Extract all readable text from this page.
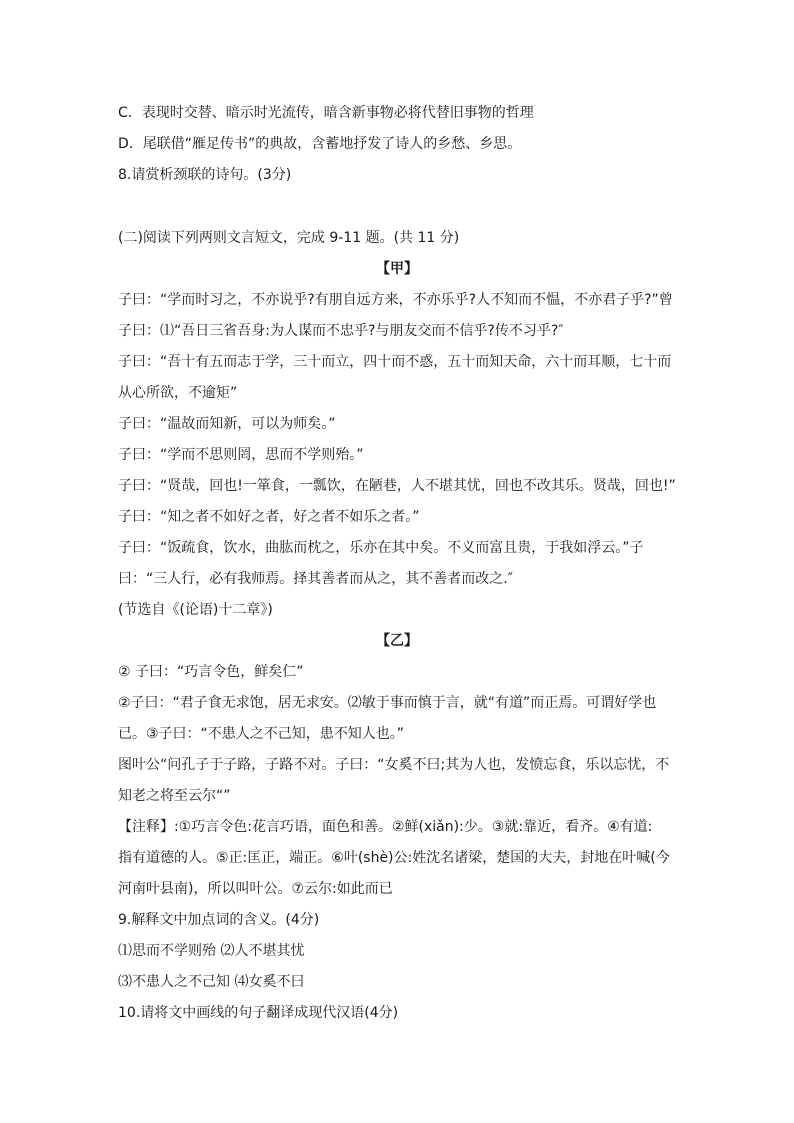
C．表现时交替、暗示时光流传，暗含新事物必将代替旧事物的哲理
D．尾联借“雁足传书”的典故，含蓄地抒发了诗人的乡愁、乡思。
8.请赏析颈联的诗句。(3分)
(二)阅读下列两则文言短文，完成 9-11 题。(共 11 分)
【甲】
子曰：“学而时习之，不亦说乎?有朋自远方来，不亦乐乎?人不知而不愠，不亦君子乎?”曾
子曰：⑴“吾日三省吾身:为人谋而不忠乎?与朋友交而不信乎?传不习乎?″
子曰：“吾十有五而志于学，三十而立，四十而不惑，五十而知天命，六十而耳顺，七十而
从心所欲，不逾矩”
子曰：“温故而知新，可以为师矣。”
子曰：“学而不思则罔，思而不学则殆。”
子曰：“贤哉，回也!一箪食，一瓢饮，在陋巷，人不堪其忧，回也不改其乐。贤哉，回也!”
子曰：“知之者不如好之者，好之者不如乐之者。”
子曰：“饭疏食，饮水，曲肱而枕之，乐亦在其中矣。不义而富且贵，于我如浮云。”子
曰：“三人行，必有我师焉。择其善者而从之，其不善者而改之.″
(节选自《(论语)十二章》)
【乙】
② 子曰：“巧言令色，鲜矣仁”
②子曰：“君子食无求饱，居无求安。⑵敏于事而慎于言，就“有道”而正焉。可谓好学也
已。③子曰：“不患人之不己知，患不知人也。”
图叶公“问孔子于子路，子路不对。子曰：“女奚不曰;其为人也，发愤忘食，乐以忘忧，不
知老之将至云尔“”
【注释】:①巧言令色:花言巧语，面色和善。②鲜(xiǎn):少。③就:靠近，看齐。④有道:
指有道德的人。⑤正:匡正，端正。⑥叶(shè)公:姓沈名诸梁，楚国的大夫，封地在叶喊(今
河南叶县南)，所以叫叶公。⑦云尔:如此而已
9.解释文中加点词的含义。(4分)
⑴思而不学则殆 ⑵人不堪其忧
⑶不患人之不己知 ⑷女奚不曰
10.请将文中画线的句子翻译成现代汉语(4分)
